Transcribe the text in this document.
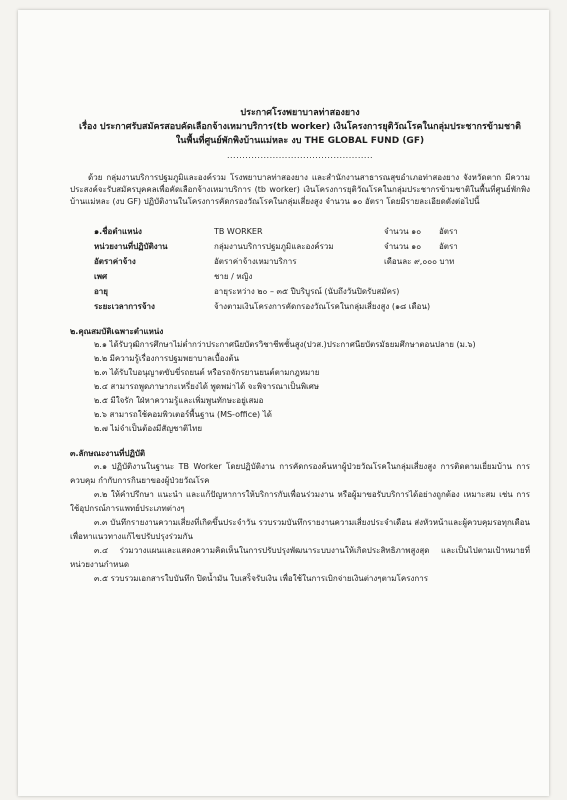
ประกาศโรงพยาบาลท่าสองยาง
เรื่อง ประกาศรับสมัครสอบคัดเลือกจ้างเหมาบริการ(tb worker) เงินโครงการยุติวัณโรคในกลุ่มประชากรข้ามชาติ
ในพื้นที่ศูนย์พักพิงบ้านแม่หละ งบ THE GLOBAL FUND (GF)
................................................
ด้วย กลุ่มงานบริการปฐมภูมิและองค์รวม โรงพยาบาลท่าสองยาง และสำนักงานสาธารณสุขอำเภอท่าสองยาง จังหวัดตาก มีความประสงค์จะรับสมัครบุคคลเพื่อคัดเลือกจ้างเหมาบริการ (tb worker) เงินโครงการยุติวัณโรคในกลุ่มประชากรข้ามชาติในพื้นที่ศูนย์พักพิงบ้านแม่หละ (งบ GF) ปฏิบัติงานในโครงการคัดกรองวัณโรคในกลุ่มเสี่ยงสูง จำนวน ๑๐ อัตรา โดยมีรายละเอียดดังต่อไปนี้
๑.ชื่อตำแหน่ง	TB WORKER	จำนวน ๑๐	อัตรา
หน่วยงานที่ปฏิบัติงาน	กลุ่มงานบริการปฐมภูมิและองค์รวม	จำนวน ๑๐	อัตรา
อัตราค่าจ้าง	อัตราค่าจ้างเหมาบริการ	เดือนละ ๙,๐๐๐ บาท
เพศ	ชาย / หญิง
อายุ	อายุระหว่าง ๒๐ – ๓๕ ปีบริบูรณ์ (นับถึงวันปิดรับสมัคร)
ระยะเวลาการจ้าง	จ้างตามเงินโครงการคัดกรองวัณโรคในกลุ่มเสี่ยงสูง (๑๘ เดือน)
๒.คุณสมบัติเฉพาะตำแหน่ง
๒.๑ ได้รับวุฒิการศึกษาไม่ต่ำกว่าประกาศนียบัตรวิชาชีพชั้นสูง(ปวส.)ประกาศนียบัตรมัธยมศึกษาตอนปลาย (ม.๖)
๒.๒ มีความรู้เรื่องการปฐมพยาบาลเบื้องต้น
๒.๓ ได้รับใบอนุญาตขับขี่รถยนต์ หรือรถจักรยานยนต์ตามกฎหมาย
๒.๔ สามารถพูดภาษากะเหรี่ยงได้ พูดพม่าได้ จะพิจารณาเป็นพิเศษ
๒.๕ มีใจรัก ใฝ่หาความรู้และเพิ่มพูนทักษะอยู่เสมอ
๒.๖ สามารถใช้คอมพิวเตอร์พื้นฐาน (MS-office) ได้
๒.๗ ไม่จำเป็นต้องมีสัญชาติไทย
๓.ลักษณะงานที่ปฏิบัติ
๓.๑ ปฏิบัติงานในฐานะ TB Worker โดยปฏิบัติงาน การคัดกรองค้นหาผู้ป่วยวัณโรคในกลุ่มเสี่ยงสูง การติดตามเยี่ยมบ้าน การควบคุม กำกับการกินยาของผู้ป่วยวัณโรค
๓.๒ ให้คำปรึกษา แนะนำ และแก้ปัญหาการให้บริการกับเพื่อนร่วมงาน หรือผู้มาขอรับบริการได้อย่างถูกต้อง เหมาะสม เช่น การใช้อุปกรณ์การแพทย์ประเภทต่างๆ
๓.๓ บันทึกรายงานความเสี่ยงที่เกิดขึ้นประจำวัน รวบรวมบันทึกรายงานความเสี่ยงประจำเดือน ส่งหัวหน้าและผู้ควบคุมรอทุกเดือน เพื่อหาแนวทางแก้ไขปรับปรุงร่วมกัน
๓.๔ ร่วมวางแผนและแสดงความคิดเห็นในการปรับปรุงพัฒนาระบบงานให้เกิดประสิทธิภาพสูงสุด และเป็นไปตามเป้าหมายที่หน่วยงานกำหนด
๓.๕ รวบรวมเอกสารใบบันทึก ปิดน้ำมัน ใบเสร็จรับเงิน เพื่อใช้ในการเบิกจ่ายเงินต่างๆตามโครงการ
